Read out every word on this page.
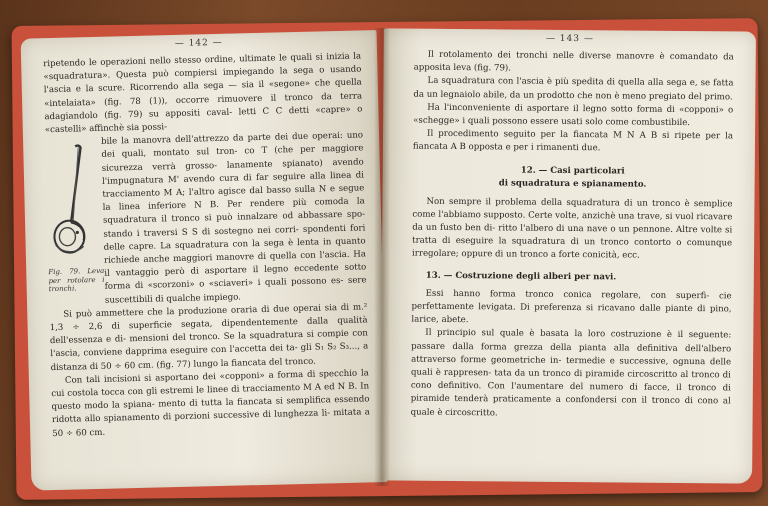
— 142 —

ripetendo le operazioni nello stesso ordine, ultimate le quali si inizia la «squadratura». Questa può compiersi impiegando la sega o usando l'ascia e la scure. Ricorrendo alla sega — sia il «segone» che quella «intelaiata» (fig. 78 (1)), occorre rimuovere il tronco da terra adagiandolo (fig. 79) su appositi caval- letti C C detti «capre» o «castelli» affinchè sia possi-

Fig. 79. Leva per rotolare i tronchi.
bile la manovra dell'attrezzo da parte dei due operai: uno dei quali, montato sul tron- co T (che per maggiore sicurezza verrà grosso- lanamente spianato) avendo l'impugnatura M' avendo cura di far seguire alla linea di tracciamento M A; l'altro agisce dal basso sulla N e segue la linea inferiore N B. Per rendere più comoda la squadratura il tronco si può innalzare od abbassare spo- stando i traversi S S di sostegno nei corri- spondenti fori delle capre. La squadratura con la sega è lenta in quanto richiede anche maggiori manovre di quella con l'ascia. Ha il vantaggio però di asportare il legno eccedente sotto forma di «scorzoni» o «sciaveri» i quali possono es- sere suscettibili di qualche impiego.

Si può ammettere che la produzione oraria di due operai sia di m.² 1,3 ÷ 2,6 di superficie segata, dipendentemente dalla qualità dell'essenza e di- mensioni del tronco. Se la squadratura si compie con l'ascia, conviene dapprima eseguire con l'accetta dei ta- gli S₁ S₂ S₃..., a distanza di 50 ÷ 60 cm. (fig. 77) lungo la fiancata del tronco.

Con tali incisioni si asportano dei «copponi» a forma di specchio la cui costola tocca con gli estremi le linee di tracciamento M A ed N B. In questo modo la spiana- mento di tutta la fiancata si semplifica essendo ridotta allo spianamento di porzioni successive di lunghezza li- mitata a 50 ÷ 60 cm.

— 143 —

Il rotolamento dei tronchi nelle diverse manovre è comandato da apposita leva (fig. 79).

La squadratura con l'ascia è più spedita di quella alla sega e, se fatta da un legnaiolo abile, da un prodotto che non è meno pregiato del primo.

Ha l'inconveniente di asportare il legno sotto forma di «copponi» o «schegge» i quali possono essere usati solo come combustibile.

Il procedimento seguito per la fiancata M N A B si ripete per la fiancata A B opposta e per i rimanenti due.

12. — Casi particolari
di squadratura e spianamento.

Non sempre il problema della squadratura di un tronco è semplice come l'abbiamo supposto. Certe volte, anzichè una trave, si vuol ricavare da un fusto ben di- ritto l'albero di una nave o un pennone. Altre volte si tratta di eseguire la squadratura di un tronco contorto o comunque irregolare; oppure di un tronco a forte conicità, ecc.

13. — Costruzione degli alberi per navi.

Essi hanno forma tronco conica regolare, con superfi- cie perfettamente levigata. Di preferenza si ricavano dalle piante di pino, larice, abete.

Il principio sul quale è basata la loro costruzione è il seguente: passare dalla forma grezza della pianta alla definitiva dell'albero attraverso forme geometriche in- termedie e successive, ognuna delle quali è rappresen- tata da un tronco di piramide circoscritto al tronco di cono definitivo. Con l'aumentare del numero di facce, il tronco di piramide tenderà praticamente a confondersi con il tronco di cono al quale è circoscritto.
